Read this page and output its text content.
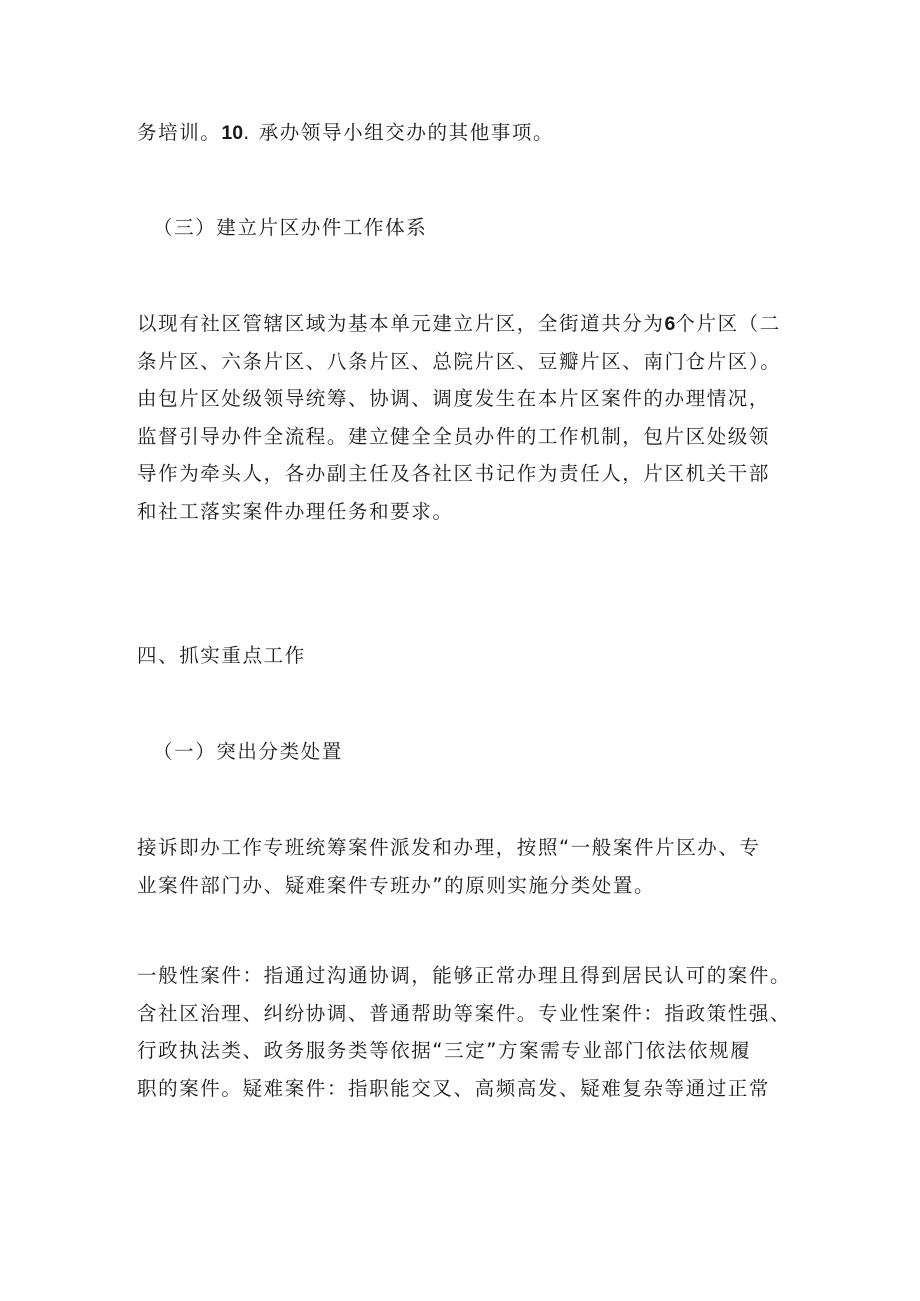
务培训。10. 承办领导小组交办的其他事项。
（三）建立片区办件工作体系
以现有社区管辖区域为基本单元建立片区，全街道共分为6个片区（二
条片区、六条片区、八条片区、总院片区、豆瓣片区、南门仓片区）。
由包片区处级领导统筹、协调、调度发生在本片区案件的办理情况，
监督引导办件全流程。建立健全全员办件的工作机制，包片区处级领
导作为牵头人，各办副主任及各社区书记作为责任人，片区机关干部
和社工落实案件办理任务和要求。
四、抓实重点工作
（一）突出分类处置
接诉即办工作专班统筹案件派发和办理，按照“一般案件片区办、专
业案件部门办、疑难案件专班办”的原则实施分类处置。
一般性案件：指通过沟通协调，能够正常办理且得到居民认可的案件。
含社区治理、纠纷协调、普通帮助等案件。专业性案件：指政策性强、
行政执法类、政务服务类等依据“三定”方案需专业部门依法依规履
职的案件。疑难案件：指职能交叉、高频高发、疑难复杂等通过正常
